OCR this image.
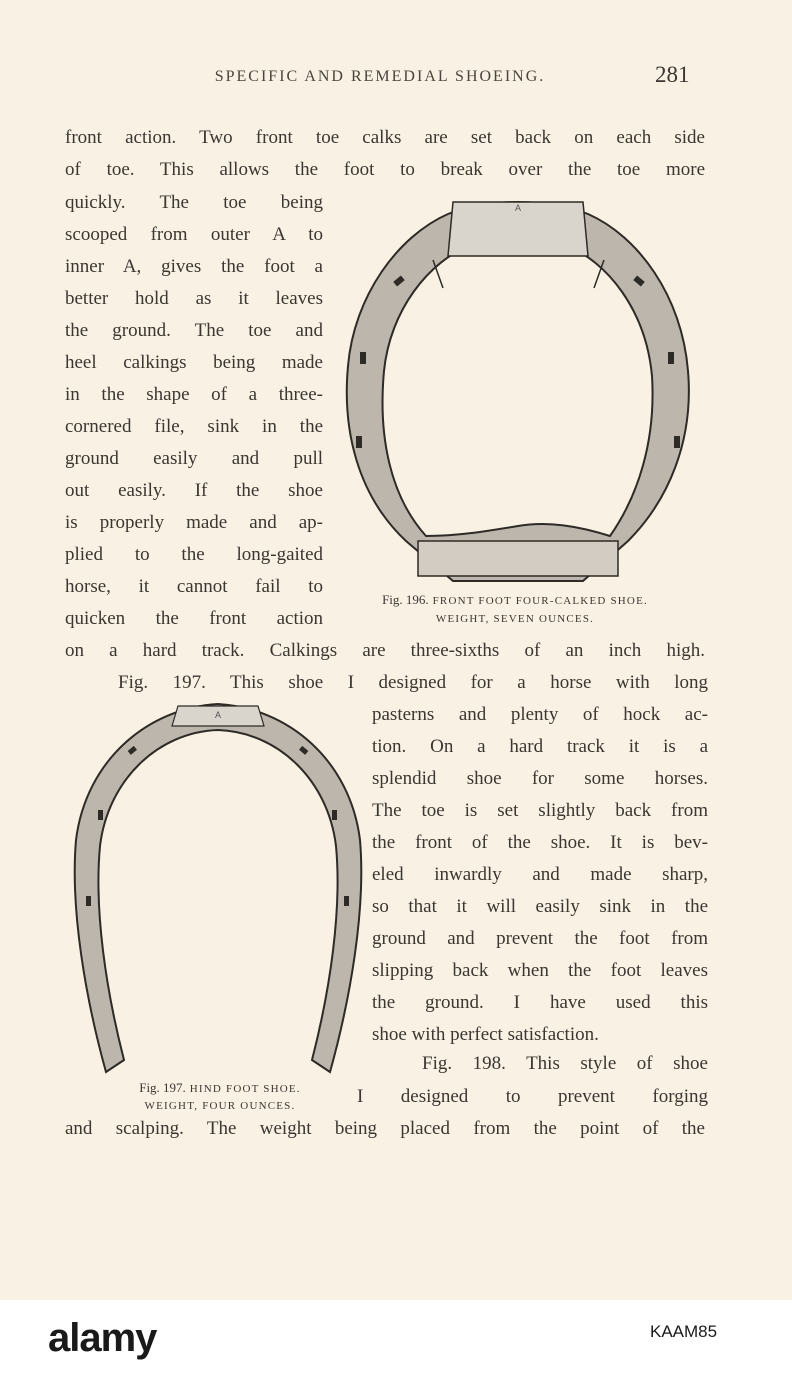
SPECIFIC AND REMEDIAL SHOEING.	281
front action. Two front toe calks are set back on each side
of toe. This allows the foot to break over the toe more
quickly. The toe being
scooped from outer A to
inner A, gives the foot a
better hold as it leaves
the ground. The toe and
heel calkings being made
in the shape of a three-
cornered file, sink in the
ground easily and pull
out easily. If the shoe
is properly made and ap-
plied to the long-gaited
horse, it cannot fail to
quicken the front action
A
Fig. 196. FRONT FOOT FOUR-CALKED SHOE.
WEIGHT, SEVEN OUNCES.
on a hard track. Calkings are three-sixths of an inch high.
Fig. 197. This shoe I designed for a horse with long
A
Fig. 197. HIND FOOT SHOE.
WEIGHT, FOUR OUNCES.
pasterns and plenty of hock ac-
tion. On a hard track it is a
splendid shoe for some horses.
The toe is set slightly back from
the front of the shoe. It is bev-
eled inwardly and made sharp,
so that it will easily sink in the
ground and prevent the foot from
slipping back when the foot leaves
the ground. I have used this
shoe with perfect satisfaction.
Fig. 198. This style of shoe
I designed to prevent forging
and scalping. The weight being placed from the point of the
alamy	KAAM85
